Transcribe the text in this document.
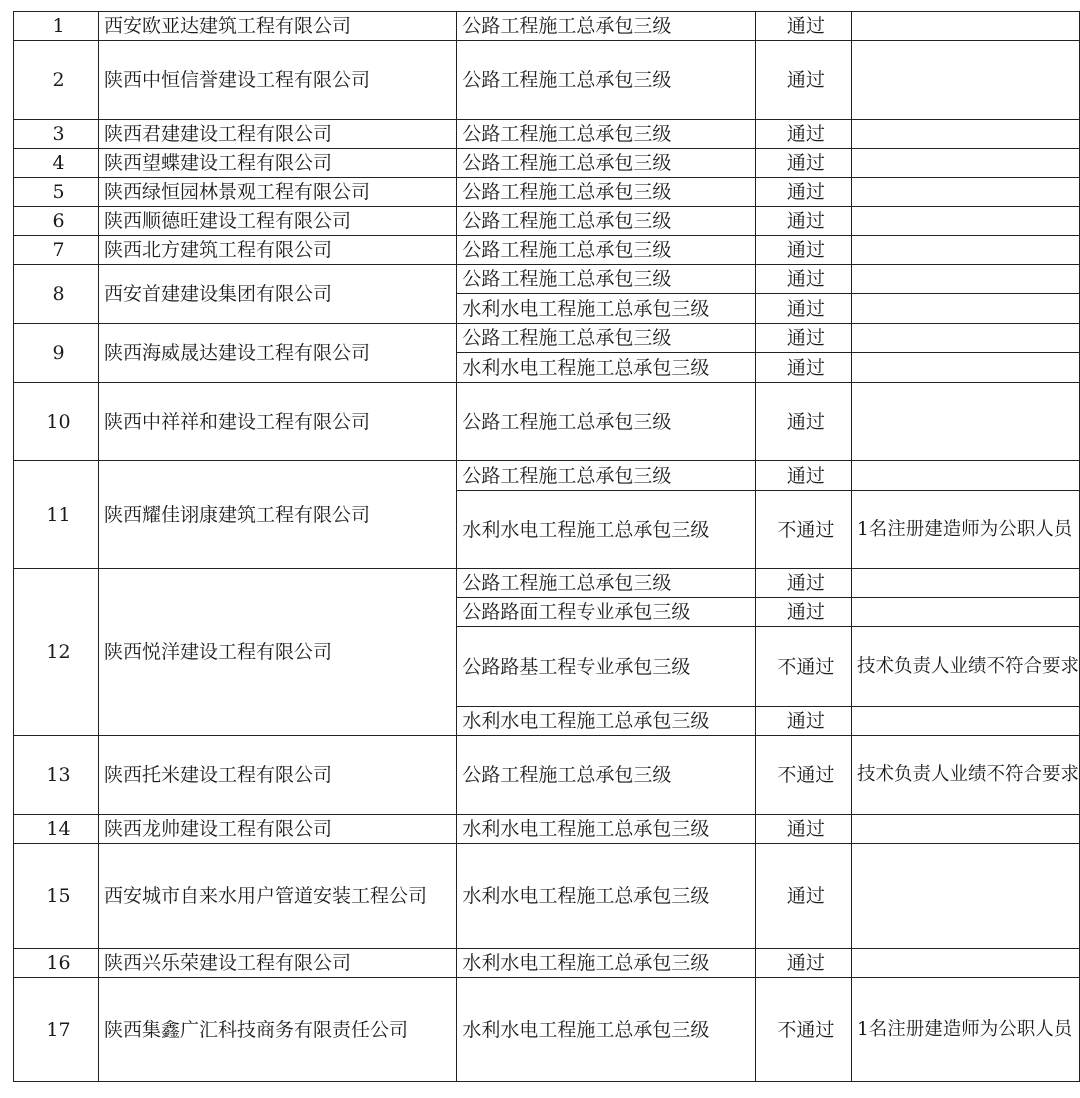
1	西安欧亚达建筑工程有限公司	公路工程施工总承包三级	通过	
2	陕西中恒信誉建设工程有限公司	公路工程施工总承包三级	通过	
3	陕西君建建设工程有限公司	公路工程施工总承包三级	通过	
4	陕西望蝶建设工程有限公司	公路工程施工总承包三级	通过	
5	陕西绿恒园林景观工程有限公司	公路工程施工总承包三级	通过	
6	陕西顺德旺建设工程有限公司	公路工程施工总承包三级	通过	
7	陕西北方建筑工程有限公司	公路工程施工总承包三级	通过	
8	西安首建建设集团有限公司	公路工程施工总承包三级	通过	
		水利水电工程施工总承包三级	通过	
9	陕西海威晟达建设工程有限公司	公路工程施工总承包三级	通过	
		水利水电工程施工总承包三级	通过	
10	陕西中祥祥和建设工程有限公司	公路工程施工总承包三级	通过	
11	陕西耀佳诩康建筑工程有限公司	公路工程施工总承包三级	通过	
		水利水电工程施工总承包三级	不通过	1名注册建造师为公职人员
12	陕西悦洋建设工程有限公司	公路工程施工总承包三级	通过	
		公路路面工程专业承包三级	通过	
		公路路基工程专业承包三级	不通过	技术负责人业绩不符合要求
		水利水电工程施工总承包三级	通过	
13	陕西托米建设工程有限公司	公路工程施工总承包三级	不通过	技术负责人业绩不符合要求
14	陕西龙帅建设工程有限公司	水利水电工程施工总承包三级	通过	
15	西安城市自来水用户管道安装工程公司	水利水电工程施工总承包三级	通过	
16	陕西兴乐荣建设工程有限公司	水利水电工程施工总承包三级	通过	
17	陕西集鑫广汇科技商务有限责任公司	水利水电工程施工总承包三级	不通过	1名注册建造师为公职人员
